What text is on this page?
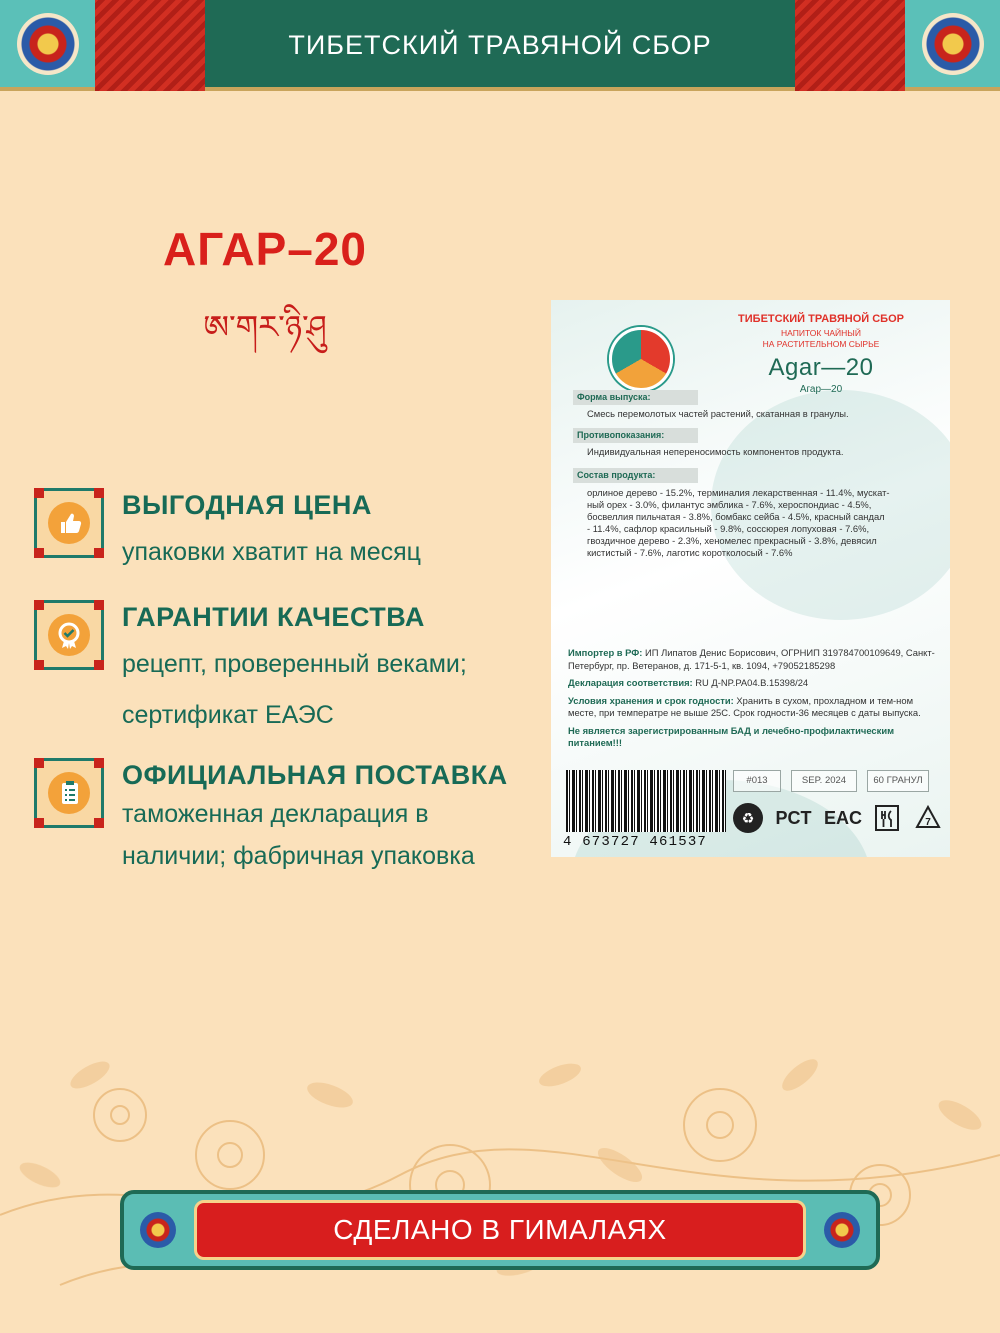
ТИБЕТСКИЙ ТРАВЯНОЙ СБОР
АГАР–20
ཨ་གར་ཉི་ཤུ
ВЫГОДНАЯ ЦЕНА
упаковки хватит на месяц
ГАРАНТИИ КАЧЕСТВА
рецепт, проверенный веками;
сертификат ЕАЭС
ОФИЦИАЛЬНАЯ ПОСТАВКА
таможенная декларация в
наличии; фабричная упаковка
ТИБЕТСКИЙ ТРАВЯНОЙ СБОР
НАПИТОК ЧАЙНЫЙ
НА РАСТИТЕЛЬНОМ СЫРЬЕ
Agar—20
Агар—20
Форма выпуска:
Смесь перемолотых частей растений, скатанная в гранулы.
Противопоказания:
Индивидуальная непереносимость компонентов продукта.
Состав продукта:
орлиное дерево - 15.2%, терминалия лекарственная - 11.4%, мускат-
ный орех - 3.0%, филантус эмблика - 7.6%, хероспондиас - 4.5%,
босвеллия пильчатая - 3.8%, бомбакс сейба - 4.5%, красный сандал
- 11.4%, сафлор красильный - 9.8%, соссюрея лопуховая - 7.6%,
гвоздичное дерево - 2.3%, хеномелес прекрасный - 3.8%, девясил
кистистый - 7.6%, лаготис коротколосый - 7.6%
Импортер в РФ: ИП Липатов Денис Борисович, ОГРНИП 319784700109649, Санкт-Петербург, пр. Ветеранов, д. 171-5-1, кв. 1094, +79052185298
Декларация соответствия: RU Д-NP.PA04.B.15398/24
Условия хранения и срок годности: Хранить в сухом, прохладном и тем-ном месте, при темпеpатре не выше 25С. Срок годности-36 месяцев с даты выпуска.
Не является зарегистрированным БАД и лечебно-профилактическим питанием!!!
4 673727 461537
#013	SEP. 2024	60 ГРАНУЛ
♻	PCT EAC	7
СДЕЛАНО В ГИМАЛАЯХ
